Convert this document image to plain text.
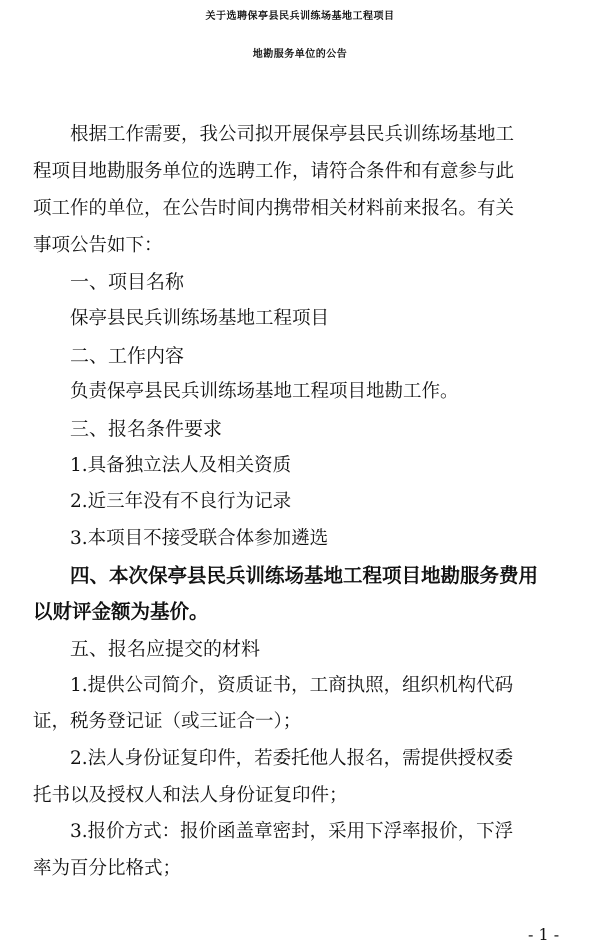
关于选聘保亭县民兵训练场基地工程项目
地勘服务单位的公告
根据工作需要，我公司拟开展保亭县民兵训练场基地工
程项目地勘服务单位的选聘工作，请符合条件和有意参与此
项工作的单位，在公告时间内携带相关材料前来报名。有关
事项公告如下：
一、项目名称
保亭县民兵训练场基地工程项目
二、工作内容
负责保亭县民兵训练场基地工程项目地勘工作。
三、报名条件要求
1.具备独立法人及相关资质
2.近三年没有不良行为记录
3.本项目不接受联合体参加遴选
四、本次保亭县民兵训练场基地工程项目地勘服务费用
以财评金额为基价。
五、报名应提交的材料
1.提供公司简介，资质证书，工商执照，组织机构代码
证，税务登记证（或三证合一）；
2.法人身份证复印件，若委托他人报名，需提供授权委
托书以及授权人和法人身份证复印件；
3.报价方式：报价函盖章密封，采用下浮率报价，下浮
率为百分比格式；
- 1 -
